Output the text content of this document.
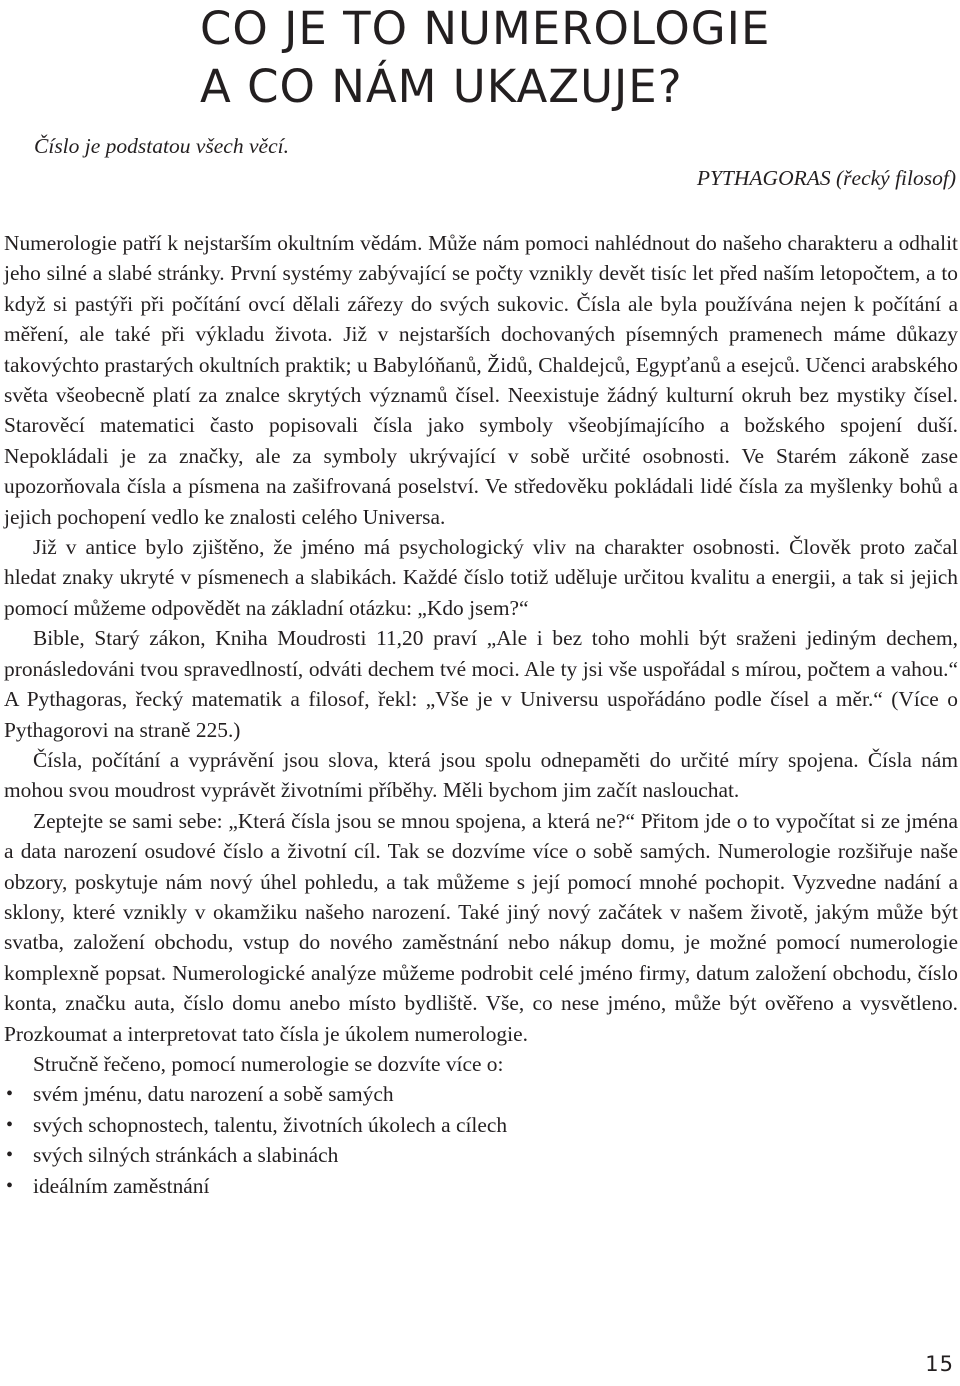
CO JE TO NUMEROLOGIE
A CO NÁM UKAZUJE?
Číslo je podstatou všech věcí.
PYTHAGORAS (řecký filosof)

Numerologie patří k nejstarším okultním vědám. Může nám pomoci nahlédnout do našeho charakteru a odhalit jeho silné a slabé stránky. První systémy zabývající se počty vznikly devět tisíc let před naším letopočtem, a to když si pastýři při počítání ovcí dělali zářezy do svých sukovic. Čísla ale byla používána nejen k počítání a měření, ale také při výkladu života. Již v nejstarších dochovaných písemných pramenech máme důkazy takovýchto prastarých okultních praktik; u Babylóňanů, Židů, Chaldejců, Egypťanů a esejců. Učenci arabského světa všeobecně platí za znalce skrytých významů čísel. Neexistuje žádný kulturní okruh bez mystiky čísel. Starověcí matematici často popisovali čísla jako symboly všeobjímajícího a božského spojení duší. Nepokládali je za značky, ale za symboly ukrývající v sobě určité osobnosti. Ve Starém zákoně zase upozorňovala čísla a písmena na zašifrovaná poselství. Ve středověku pokládali lidé čísla za myšlenky bohů a jejich pochopení vedlo ke znalosti celého Universa.

Již v antice bylo zjištěno, že jméno má psychologický vliv na charakter osobnosti. Člověk proto začal hledat znaky ukryté v písmenech a slabikách. Každé číslo totiž uděluje určitou kvalitu a energii, a tak si jejich pomocí můžeme odpovědět na základní otázku: „Kdo jsem?“

Bible, Starý zákon, Kniha Moudrosti 11,20 praví „Ale i bez toho mohli být sraženi jediným dechem, pronásledováni tvou spravedlností, odváti dechem tvé moci. Ale ty jsi vše uspořádal s mírou, počtem a vahou.“ A Pythagoras, řecký matematik a filosof, řekl: „Vše je v Universu uspořádáno podle čísel a měr.“ (Více o Pythagorovi na straně 225.)

Čísla, počítání a vyprávění jsou slova, která jsou spolu odnepaměti do určité míry spojena. Čísla nám mohou svou moudrost vyprávět životními příběhy. Měli bychom jim začít naslouchat.

Zeptejte se sami sebe: „Která čísla jsou se mnou spojena, a která ne?“ Přitom jde o to vypočítat si ze jména a data narození osudové číslo a životní cíl. Tak se dozvíme více o sobě samých. Numerologie rozšiřuje naše obzory, poskytuje nám nový úhel pohledu, a tak můžeme s její pomocí mnohé pochopit. Vyzvedne nadání a sklony, které vznikly v okamžiku našeho narození. Také jiný nový začátek v našem životě, jakým může být svatba, založení obchodu, vstup do nového zaměstnání nebo nákup domu, je možné pomocí numerologie komplexně popsat. Numerologické analýze můžeme podrobit celé jméno firmy, datum založení obchodu, číslo konta, značku auta, číslo domu anebo místo bydliště. Vše, co nese jméno, může být ověřeno a vysvětleno. Prozkoumat a interpretovat tato čísla je úkolem numerologie.

Stručně řečeno, pomocí numerologie se dozvíte více o:

• svém jménu, datu narození a sobě samých
• svých schopnostech, talentu, životních úkolech a cílech
• svých silných stránkách a slabinách
• ideálním zaměstnání
15
